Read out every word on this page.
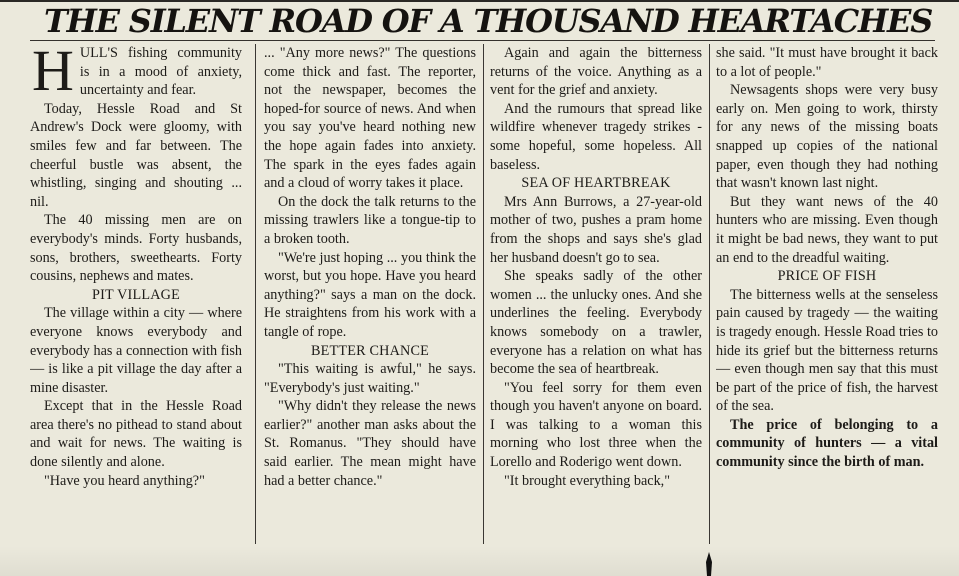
THE SILENT ROAD OF A THOUSAND HEARTACHES

HULL'S fishing community is in a mood of anxiety, uncertainty and fear.

Today, Hessle Road and St Andrew's Dock were gloomy, with smiles few and far between. The cheerful bustle was absent, the whistling, singing and shouting ... nil.

The 40 missing men are on everybody's minds. Forty husbands, sons, brothers, sweethearts. Forty cousins, nephews and mates.

PIT VILLAGE

The village within a city — where everyone knows everybody and everybody has a connection with fish — is like a pit village the day after a mine disaster.

Except that in the Hessle Road area there's no pithead to stand about and wait for news. The waiting is done silently and alone.

"Have you heard anything?"

... "Any more news?" The questions come thick and fast. The reporter, not the newspaper, becomes the hoped-for source of news. And when you say you've heard nothing new the hope again fades into anxiety. The spark in the eyes fades again and a cloud of worry takes it place.

On the dock the talk returns to the missing trawlers like a tongue-tip to a broken tooth.

"We're just hoping ... you think the worst, but you hope. Have you heard anything?" says a man on the dock. He straightens from his work with a tangle of rope.

BETTER CHANCE

"This waiting is awful," he says. "Everybody's just waiting."

"Why didn't they release the news earlier?" another man asks about the St. Romanus. "They should have said earlier. The mean might have had a better chance."

Again and again the bitterness returns of the voice. Anything as a vent for the grief and anxiety.

And the rumours that spread like wildfire whenever tragedy strikes - some hopeful, some hopeless. All baseless.

SEA OF HEARTBREAK

Mrs Ann Burrows, a 27-year-old mother of two, pushes a pram home from the shops and says she's glad her husband doesn't go to sea.

She speaks sadly of the other women ... the unlucky ones. And she underlines the feeling. Everybody knows somebody on a trawler, everyone has a relation on what has become the sea of heartbreak.

"You feel sorry for them even though you haven't anyone on board. I was talking to a woman this morning who lost three when the Lorello and Roderigo went down.

"It brought everything back,"

she said. "It must have brought it back to a lot of people."

Newsagents shops were very busy early on. Men going to work, thirsty for any news of the missing boats snapped up copies of the national paper, even though they had nothing that wasn't known last night.

But they want news of the 40 hunters who are missing. Even though it might be bad news, they want to put an end to the dreadful waiting.

PRICE OF FISH

The bitterness wells at the senseless pain caused by tragedy — the waiting is tragedy enough. Hessle Road tries to hide its grief but the bitterness returns — even though men say that this must be part of the price of fish, the harvest of the sea.

The price of belonging to a community of hunters — a vital community since the birth of man.
